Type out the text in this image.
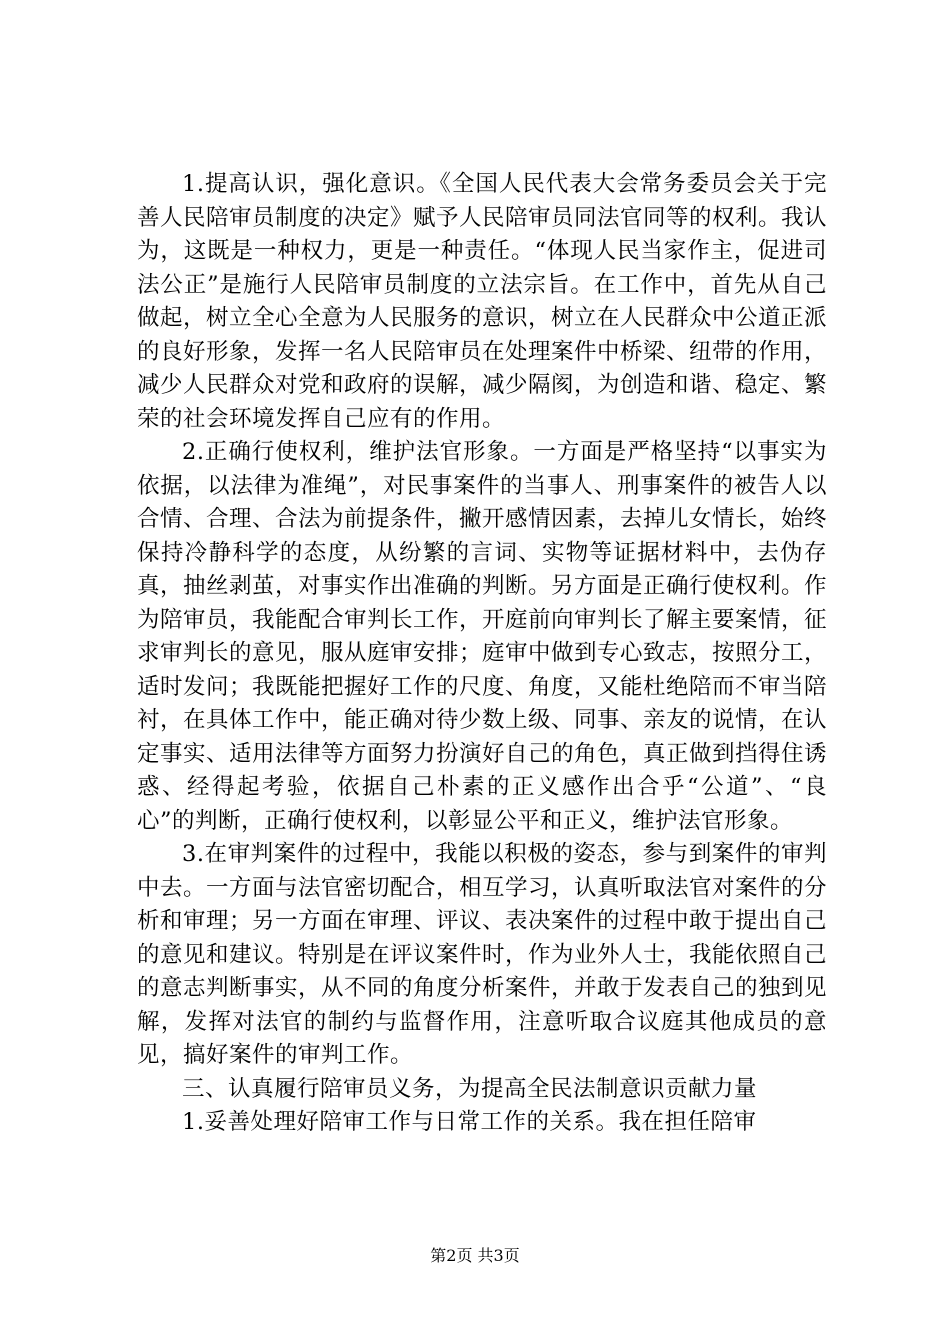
1.提高认识，强化意识。《全国人民代表大会常务委员会关于完善人民陪审员制度的决定》赋予人民陪审员同法官同等的权利。我认为，这既是一种权力，更是一种责任。“体现人民当家作主，促进司法公正”是施行人民陪审员制度的立法宗旨。在工作中，首先从自己做起，树立全心全意为人民服务的意识，树立在人民群众中公道正派的良好形象，发挥一名人民陪审员在处理案件中桥梁、纽带的作用，减少人民群众对党和政府的误解，减少隔阂，为创造和谐、稳定、繁荣的社会环境发挥自己应有的作用。

2.正确行使权利，维护法官形象。一方面是严格坚持“以事实为依据，以法律为准绳”，对民事案件的当事人、刑事案件的被告人以合情、合理、合法为前提条件，撇开感情因素，去掉儿女情长，始终保持冷静科学的态度，从纷繁的言词、实物等证据材料中，去伪存真，抽丝剥茧，对事实作出准确的判断。另方面是正确行使权利。作为陪审员，我能配合审判长工作，开庭前向审判长了解主要案情，征求审判长的意见，服从庭审安排；庭审中做到专心致志，按照分工，适时发问；我既能把握好工作的尺度、角度，又能杜绝陪而不审当陪衬，在具体工作中，能正确对待少数上级、同事、亲友的说情，在认定事实、适用法律等方面努力扮演好自己的角色，真正做到挡得住诱惑、经得起考验，依据自己朴素的正义感作出合乎“公道”、“良心”的判断，正确行使权利，以彰显公平和正义，维护法官形象。

3.在审判案件的过程中，我能以积极的姿态，参与到案件的审判中去。一方面与法官密切配合，相互学习，认真听取法官对案件的分析和审理；另一方面在审理、评议、表决案件的过程中敢于提出自己的意见和建议。特别是在评议案件时，作为业外人士，我能依照自己的意志判断事实，从不同的角度分析案件，并敢于发表自己的独到见解，发挥对法官的制约与监督作用，注意听取合议庭其他成员的意见，搞好案件的审判工作。

三、认真履行陪审员义务，为提高全民法制意识贡献力量

1.妥善处理好陪审工作与日常工作的关系。我在担任陪审

第2页 共3页
